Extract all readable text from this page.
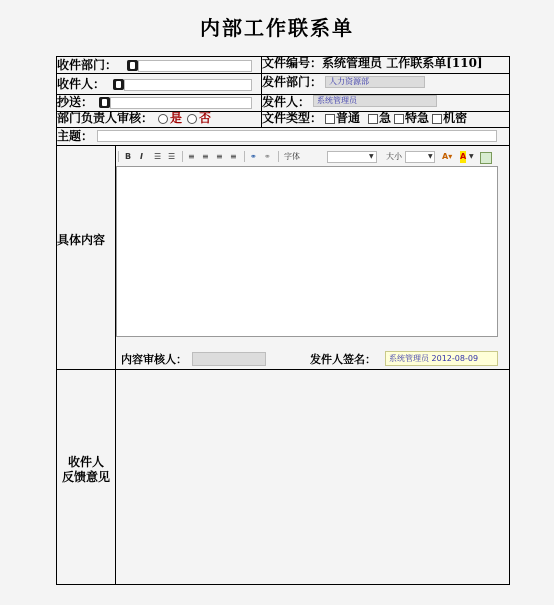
内部工作联系单
收件部门：	文件编号：系统管理员 工作联系单[110]
收件人：	发件部门： 人力资源部
抄送：	发件人： 系统管理员
部门负责人审核： 是 否	文件类型： 普通 急 特急 机密
主题：
具体内容
B I ☰ ☰ ≡ ≡ ≡ ≡ ⚭ ⚭ 字体	▼ 大小	▼ A▾ A ▼
内容审核人：	发件人签名：	系统管理员 2012-08-09
收件人
反馈意见
